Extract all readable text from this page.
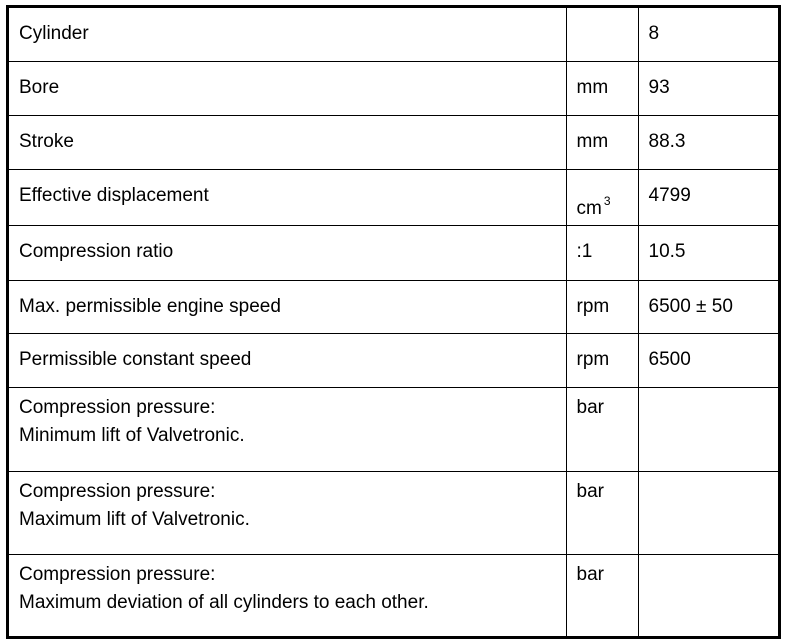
Cylinder		8

Bore	mm	93

Stroke	mm	88.3

Effective displacement	cm $^3$	4799

Compression ratio	:1	10.5

Max. permissible engine speed	rpm	6500 ± 50

Permissible constant speed	rpm	6500

Compression pressure:
Minimum lift of Valvetronic.	bar	

Compression pressure:
Maximum lift of Valvetronic.	bar	

Compression pressure:
Maximum deviation of all cylinders to each other.	bar	
